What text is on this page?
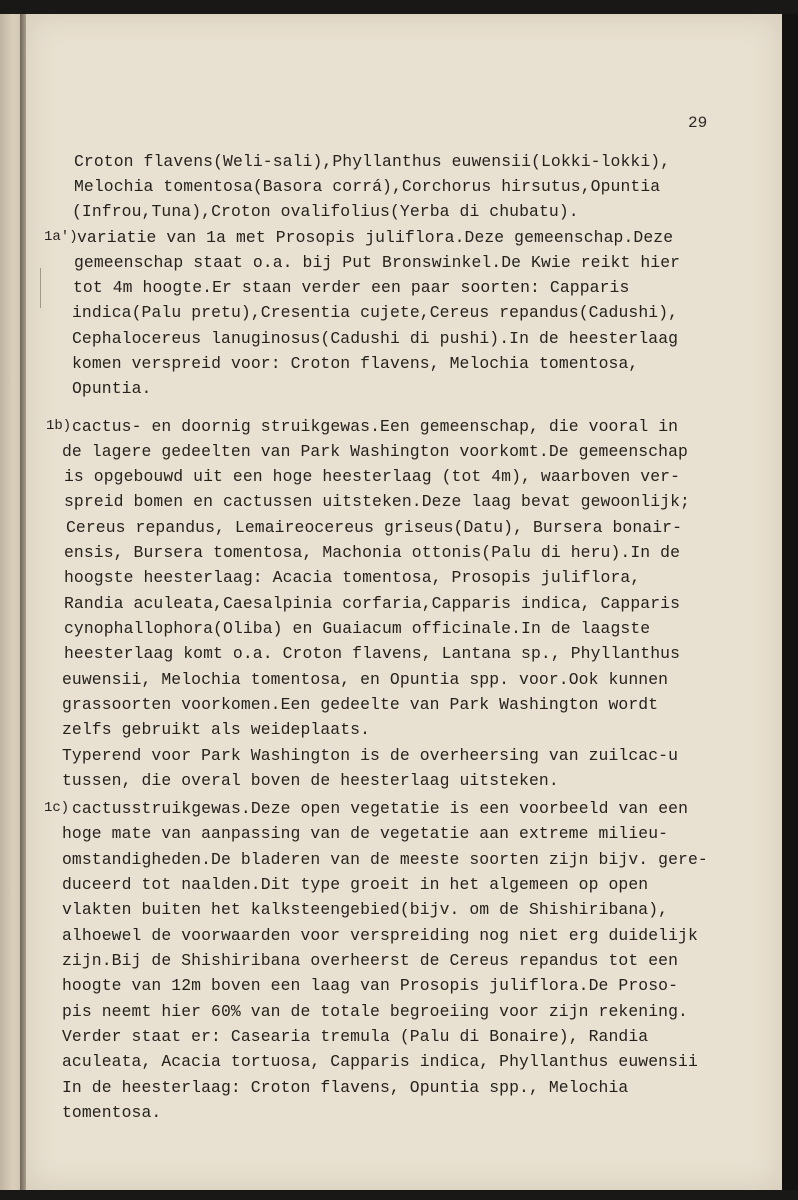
29
1a')
1b)
1c)
Croton flavens(Weli-sali),Phyllanthus euwensii(Lokki-lokki),
Melochia tomentosa(Basora corrá),Corchorus hirsutus,Opuntia
(Infrou,Tuna),Croton ovalifolius(Yerba di chubatu).
variatie van 1a met Prosopis juliflora.Deze gemeenschap.Deze
gemeenschap staat o.a. bij Put Bronswinkel.De Kwie reikt hier
tot 4m hoogte.Er staan verder een paar soorten: Capparis
indica(Palu pretu),Cresentia cujete,Cereus repandus(Cadushi),
Cephalocereus lanuginosus(Cadushi di pushi).In de heesterlaag
komen verspreid voor: Croton flavens, Melochia tomentosa,
Opuntia.
cactus- en doornig struikgewas.Een gemeenschap, die vooral in
de lagere gedeelten van Park Washington voorkomt.De gemeenschap
is opgebouwd uit een hoge heesterlaag (tot 4m), waarboven ver-
spreid bomen en cactussen uitsteken.Deze laag bevat gewoonlijk;
Cereus repandus, Lemaireocereus griseus(Datu), Bursera bonair-
ensis, Bursera tomentosa, Machonia ottonis(Palu di heru).In de
hoogste heesterlaag: Acacia tomentosa, Prosopis juliflora,
Randia aculeata,Caesalpinia corfaria,Capparis indica, Capparis
cynophallophora(Oliba) en Guaiacum officinale.In de laagste
heesterlaag komt o.a. Croton flavens, Lantana sp., Phyllanthus
euwensii, Melochia tomentosa, en Opuntia spp. voor.Ook kunnen
grassoorten voorkomen.Een gedeelte van Park Washington wordt
zelfs gebruikt als weideplaats.
Typerend voor Park Washington is de overheersing van zuilcac-u
tussen, die overal boven de heesterlaag uitsteken.
cactusstruikgewas.Deze open vegetatie is een voorbeeld van een
hoge mate van aanpassing van de vegetatie aan extreme milieu-
omstandigheden.De bladeren van de meeste soorten zijn bijv. gere-
duceerd tot naalden.Dit type groeit in het algemeen op open
vlakten buiten het kalksteengebied(bijv. om de Shishiribana),
alhoewel de voorwaarden voor verspreiding nog niet erg duidelijk
zijn.Bij de Shishiribana overheerst de Cereus repandus tot een
hoogte van 12m boven een laag van Prosopis juliflora.De Proso-
pis neemt hier 60% van de totale begroeiing voor zijn rekening.
Verder staat er: Casearia tremula (Palu di Bonaire), Randia
aculeata, Acacia tortuosa, Capparis indica, Phyllanthus euwensii
In de heesterlaag: Croton flavens, Opuntia spp., Melochia
tomentosa.
